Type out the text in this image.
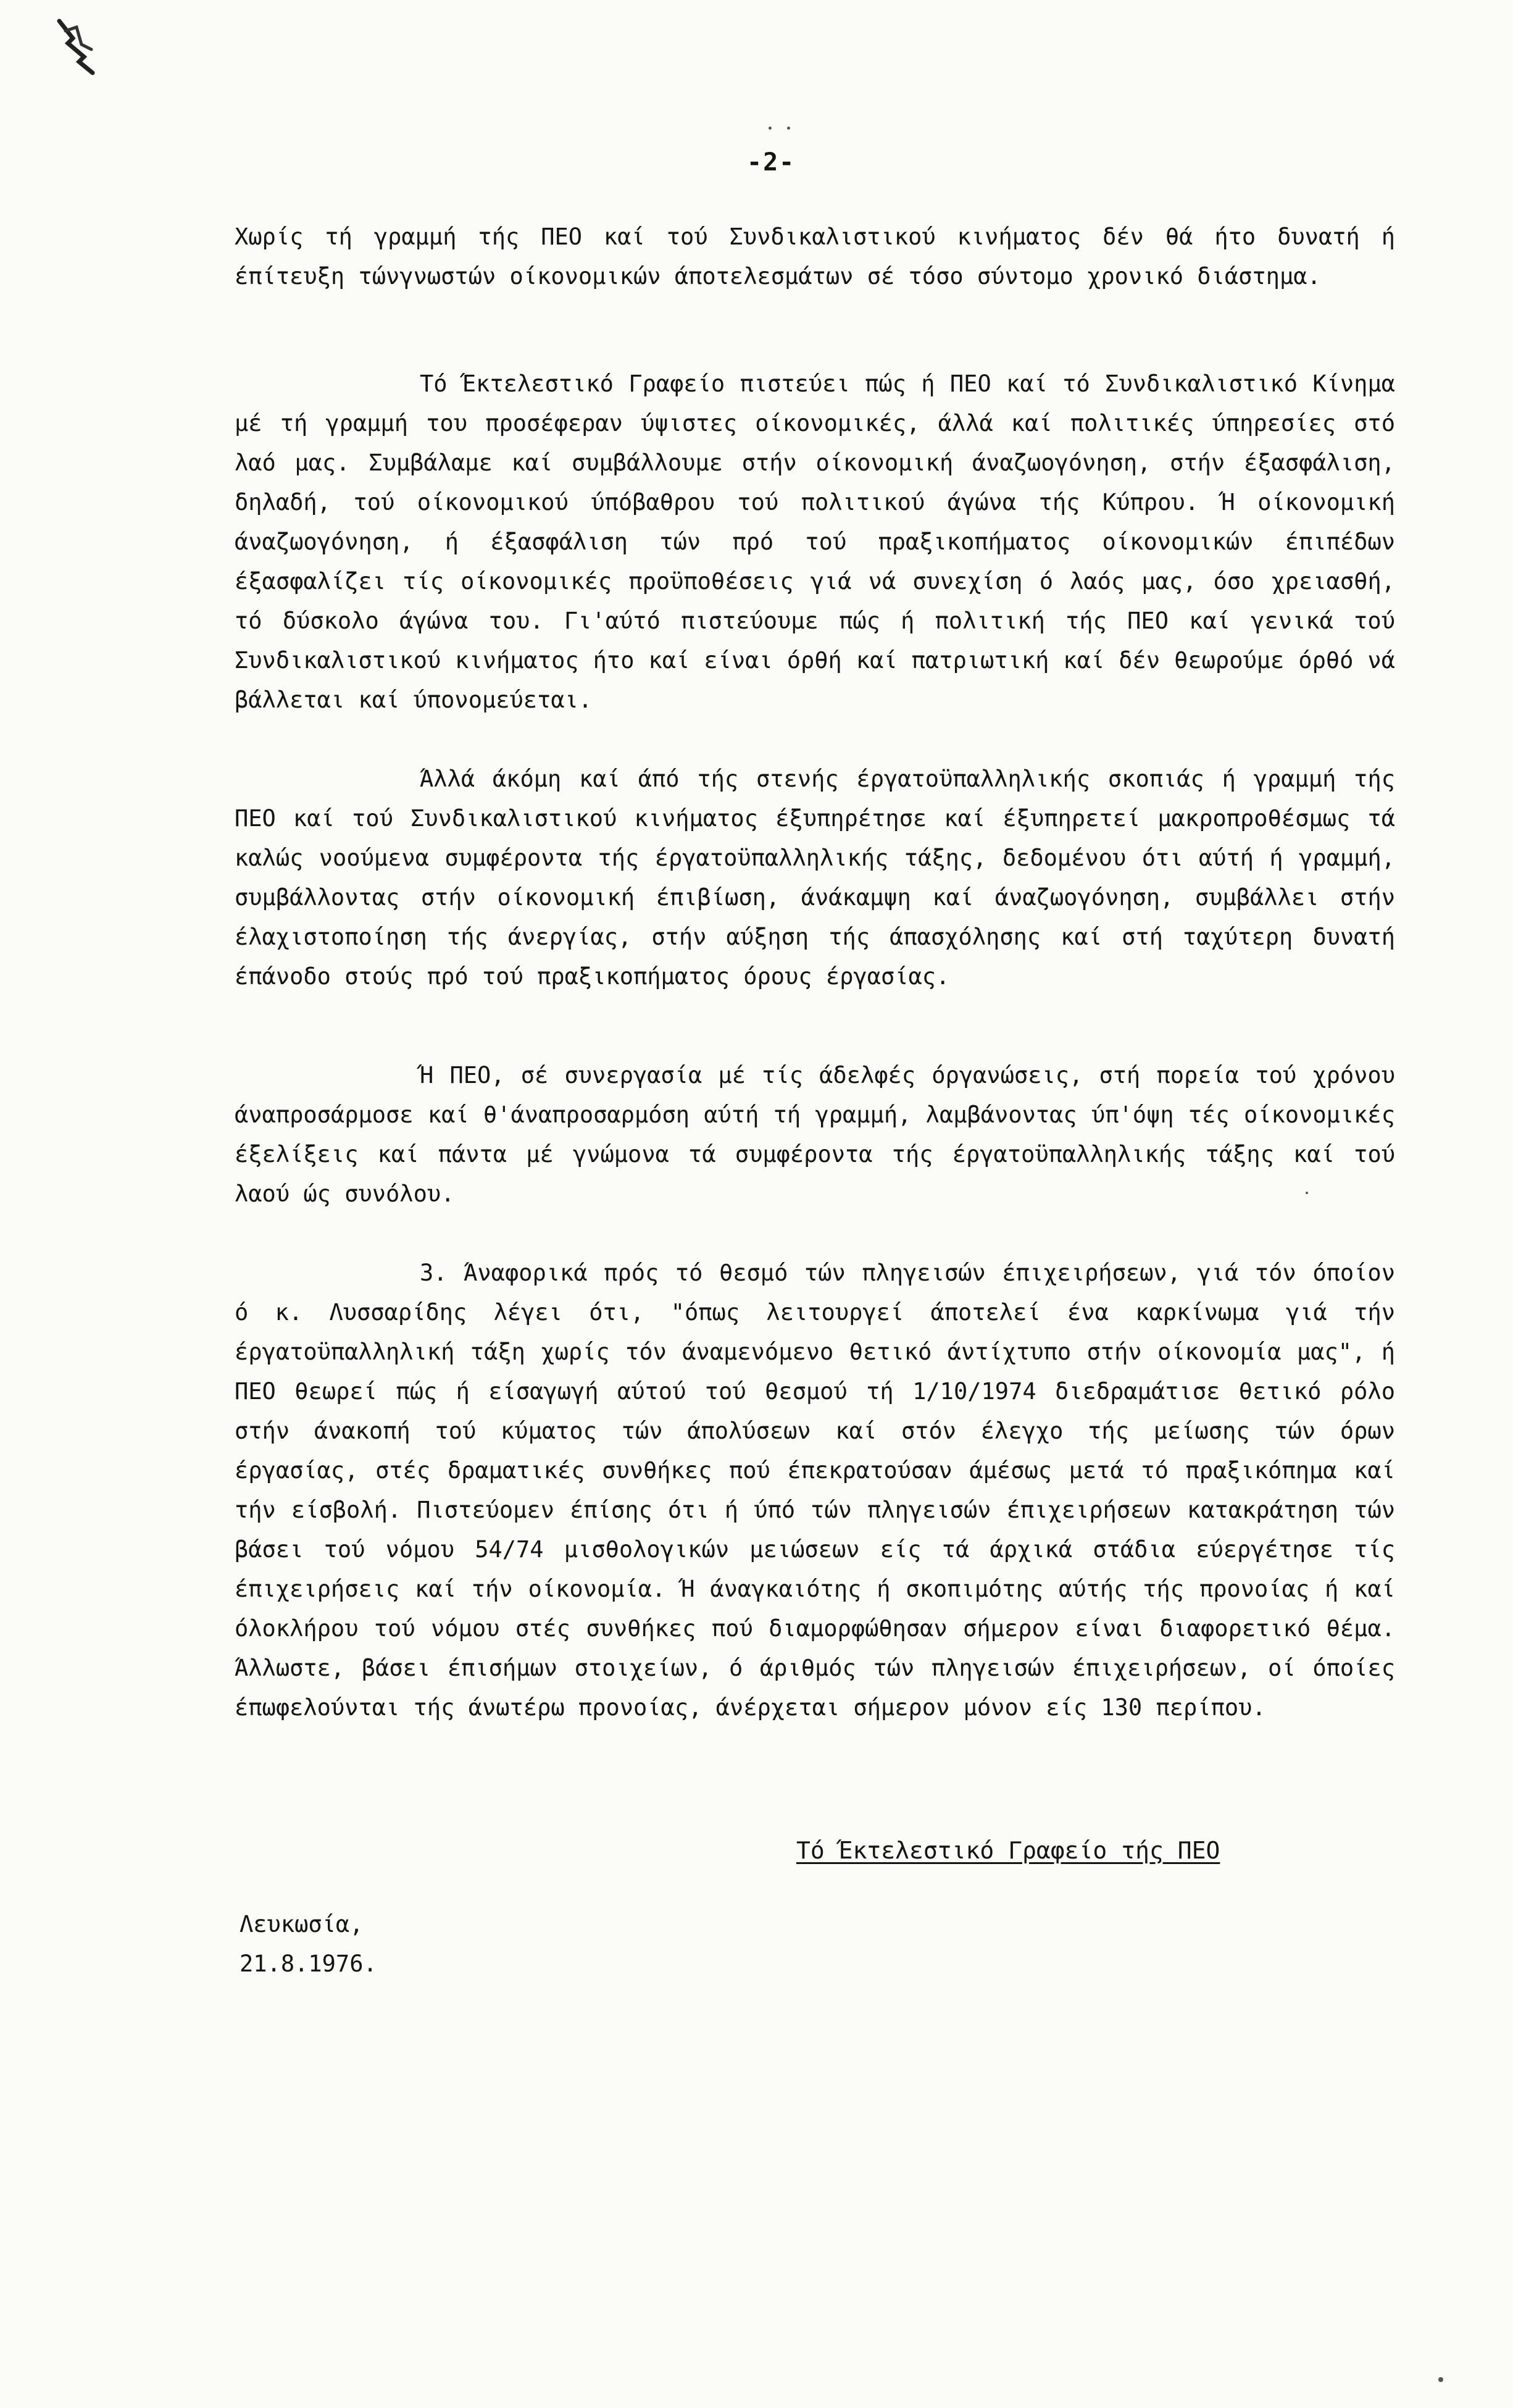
-2-

Χωρίς τή γραμμή τής ΠΕΟ καί τού Συνδικαλιστικού κινήματος δέν θά ήτο δυνατή ή έπίτευξη τώνγνωστών οίκονομικών άποτελεσμάτων σέ τόσο σύντομο χρονικό διάστημα.

Τό Έκτελεστικό Γραφείο πιστεύει πώς ή ΠΕΟ καί τό Συνδικαλιστικό Κίνημα μέ τή γραμμή του προσέφεραν ύψιστες οίκονομικές, άλλά καί πολιτικές ύπηρεσίες στό λαό μας. Συμβάλαμε καί συμβάλλουμε στήν οίκονομική άναζωογόνηση, στήν έξασφάλιση, δηλαδή, τού οίκονομικού ύπόβαθρου τού πολιτικού άγώνα τής Κύπρου. Ή οίκονομική άναζωογόνηση, ή έξασφάλιση τών πρό τού πραξικοπήματος οίκονομικών έπιπέδων έξασφαλίζει τίς οίκονομικές προϋποθέσεις γιά νά συνεχίση ό λαός μας, όσο χρειασθή, τό δύσκολο άγώνα του. Γι'αύτό πιστεύουμε πώς ή πολιτική τής ΠΕΟ καί γενικά τού Συνδικαλιστικού κινήματος ήτο καί είναι όρθή καί πατριωτική καί δέν θεωρούμε όρθό νά βάλλεται καί ύπονομεύεται.

Άλλά άκόμη καί άπό τής στενής έργατοϋπαλληλικής σκοπιάς ή γραμμή τής ΠΕΟ καί τού Συνδικαλιστικού κινήματος έξυπηρέτησε καί έξυπηρετεί μακροπροθέσμως τά καλώς νοούμενα συμφέροντα τής έργατοϋπαλληλικής τάξης, δεδομένου ότι αύτή ή γραμμή, συμβάλλοντας στήν οίκονομική έπιβίωση, άνάκαμψη καί άναζωογόνηση, συμβάλλει στήν έλαχιστοποίηση τής άνεργίας, στήν αύξηση τής άπασχόλησης καί στή ταχύτερη δυνατή έπάνοδο στούς πρό τού πραξικοπήματος όρους έργασίας.

Ή ΠΕΟ, σέ συνεργασία μέ τίς άδελφές όργανώσεις, στή πορεία τού χρόνου άναπροσάρμοσε καί θ'άναπροσαρμόση αύτή τή γραμμή, λαμβάνοντας ύπ'όψη τές οίκονομικές έξελίξεις καί πάντα μέ γνώμονα τά συμφέροντα τής έργατοϋπαλληλικής τάξης καί τού λαού ώς συνόλου.

3. Άναφορικά πρός τό θεσμό τών πληγεισών έπιχειρήσεων, γιά τόν όποίον ό κ. Λυσσαρίδης λέγει ότι, "όπως λειτουργεί άποτελεί ένα καρκίνωμα γιά τήν έργατοϋπαλληλική τάξη χωρίς τόν άναμενόμενο θετικό άντίχτυπο στήν οίκονομία μας", ή ΠΕΟ θεωρεί πώς ή είσαγωγή αύτού τού θεσμού τή 1/10/1974 διεδραμάτισε θετικό ρόλο στήν άνακοπή τού κύματος τών άπολύσεων καί στόν έλεγχο τής μείωσης τών όρων έργασίας, στές δραματικές συνθήκες πού έπεκρατούσαν άμέσως μετά τό πραξικόπημα καί τήν είσβολή. Πιστεύομεν έπίσης ότι ή ύπό τών πληγεισών έπιχειρήσεων κατακράτηση τών βάσει τού νόμου 54/74 μισθολογικών μειώσεων είς τά άρχικά στάδια εύεργέτησε τίς έπιχειρήσεις καί τήν οίκονομία. Ή άναγκαιότης ή σκοπιμότης αύτής τής προνοίας ή καί όλοκλήρου τού νόμου στές συνθήκες πού διαμορφώθησαν σήμερον είναι διαφορετικό θέμα. Άλλωστε, βάσει έπισήμων στοιχείων, ό άριθμός τών πληγεισών έπιχειρήσεων, οί όποίες έπωφελούνται τής άνωτέρω προνοίας, άνέρχεται σήμερον μόνον είς 130 περίπου.

Τό Έκτελεστικό Γραφείο τής ΠΕΟ
Λευκωσία,
21.8.1976.
